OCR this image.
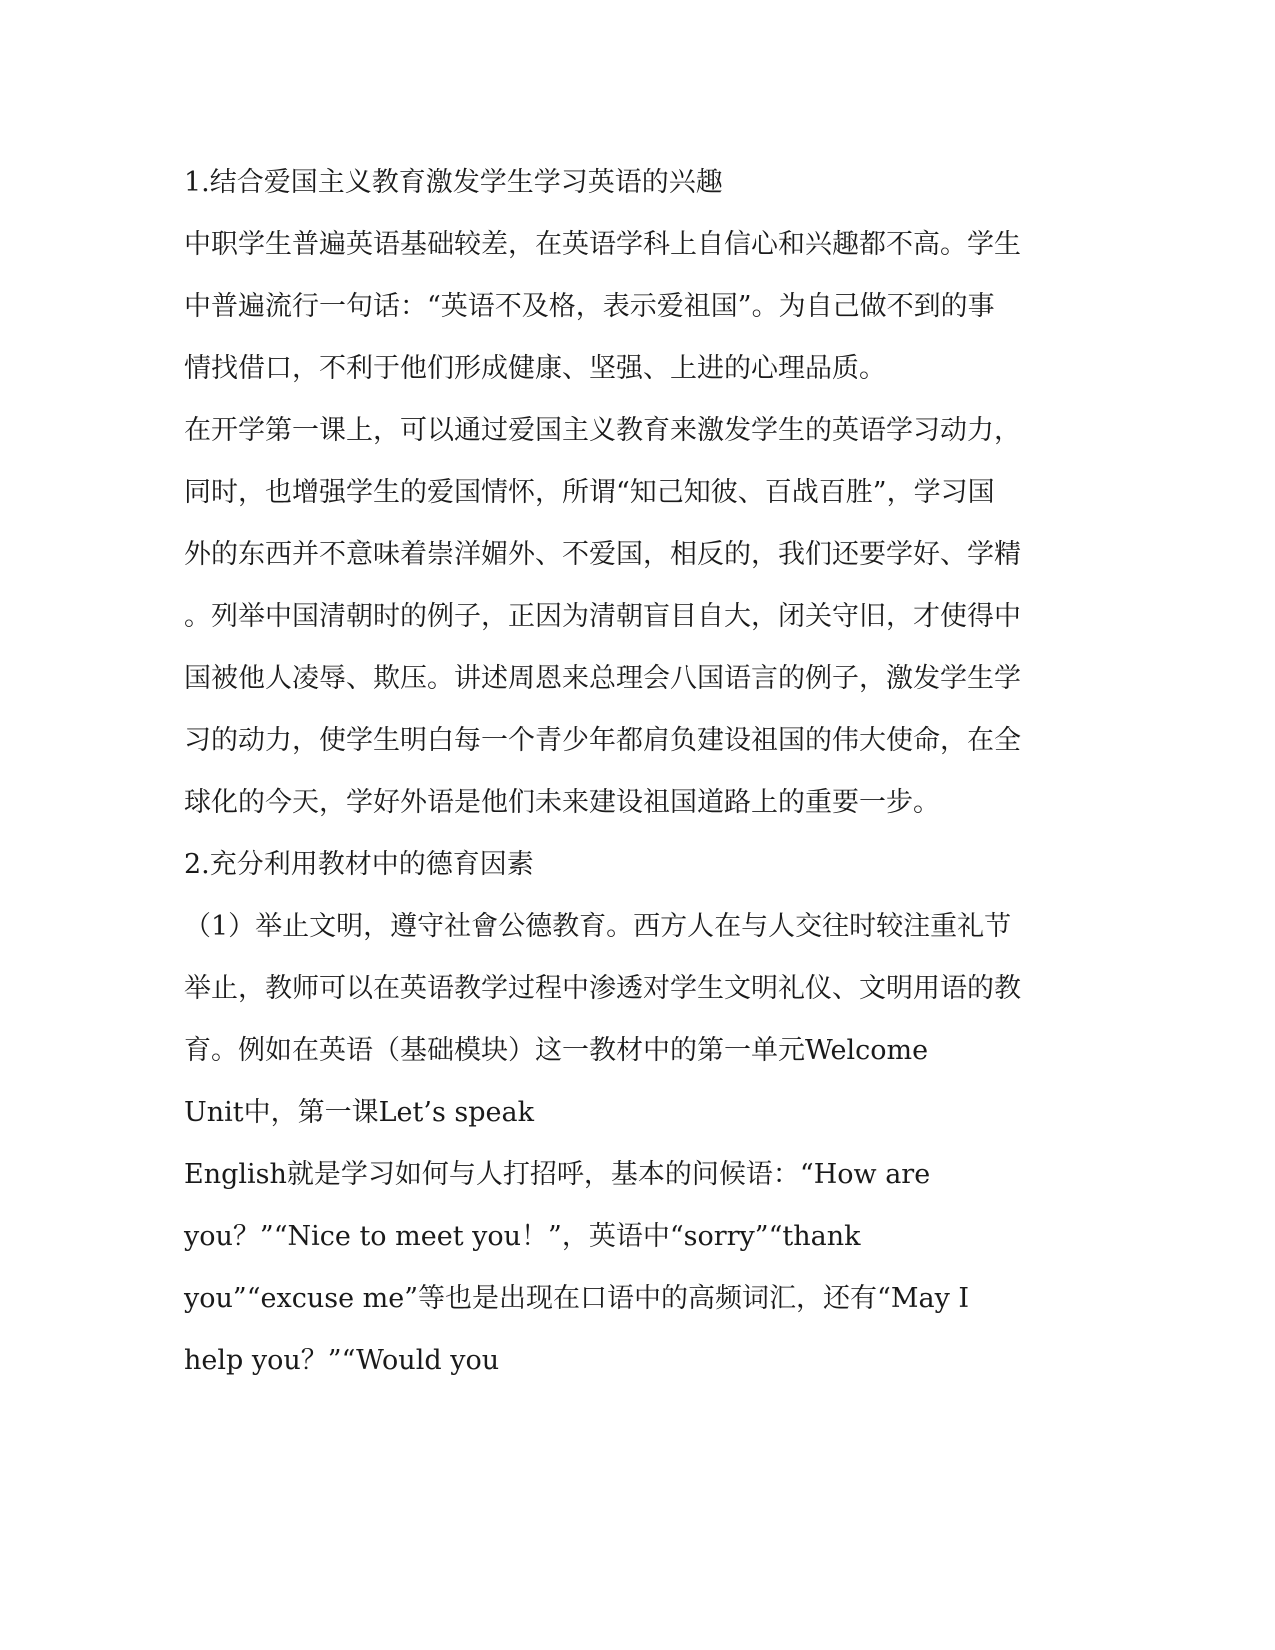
1.结合爱国主义教育激发学生学习英语的兴趣
中职学生普遍英语基础较差，在英语学科上自信心和兴趣都不高。学生
中普遍流行一句话：“英语不及格，表示爱祖国”。为自己做不到的事
情找借口，不利于他们形成健康、坚强、上进的心理品质。
在开学第一课上，可以通过爱国主义教育来激发学生的英语学习动力，
同时，也增强学生的爱国情怀，所谓“知己知彼、百战百胜”，学习国
外的东西并不意味着崇洋媚外、不爱国，相反的，我们还要学好、学精
。列举中国清朝时的例子，正因为清朝盲目自大，闭关守旧，才使得中
国被他人凌辱、欺压。讲述周恩来总理会八国语言的例子，激发学生学
习的动力，使学生明白每一个青少年都肩负建设祖国的伟大使命，在全
球化的今天，学好外语是他们未来建设祖国道路上的重要一步。
2.充分利用教材中的德育因素
（1）举止文明，遵守社會公德教育。西方人在与人交往时较注重礼节
举止，教师可以在英语教学过程中渗透对学生文明礼仪、文明用语的教
育。例如在英语（基础模块）这一教材中的第一单元Welcome
Unit中，第一课Let’s speak
English就是学习如何与人打招呼，基本的问候语：“How are
you？”“Nice to meet you！”，英语中“sorry”“thank
you”“excuse me”等也是出现在口语中的高频词汇，还有“May I
help you？”“Would you
